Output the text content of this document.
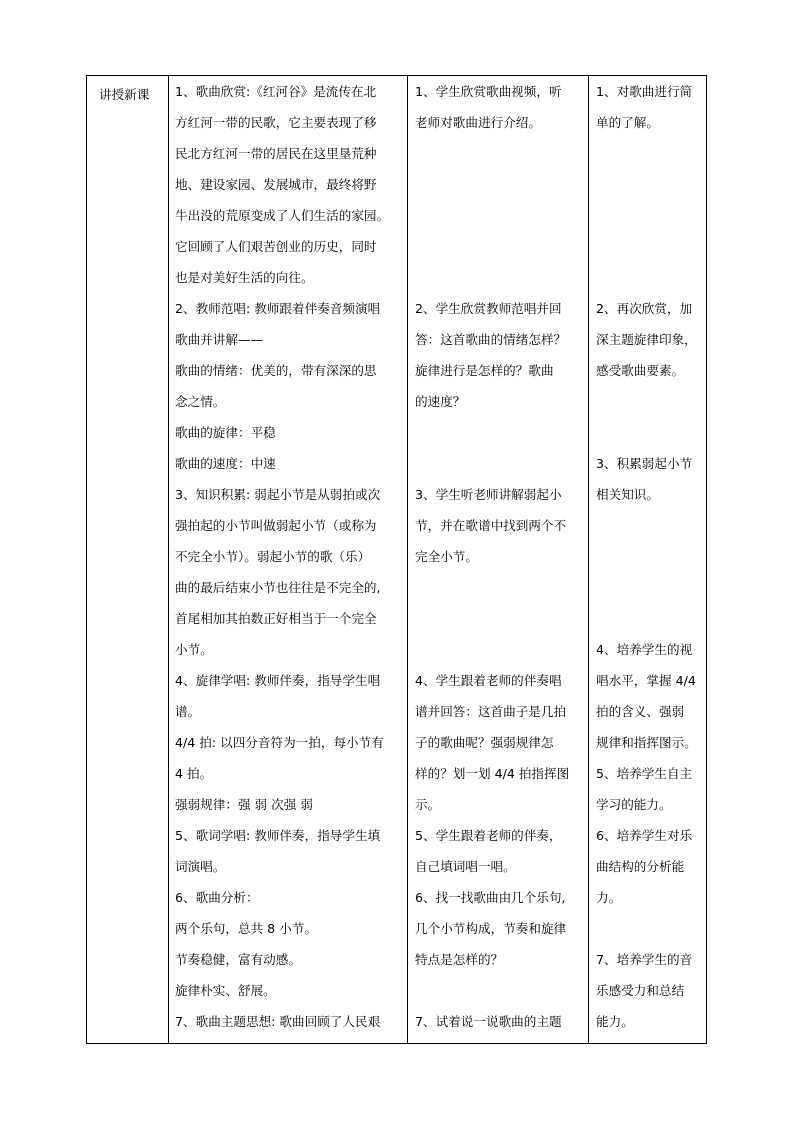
讲授新课 1、歌曲欣赏:《红河谷》是流传在北
方红河一带的民歌，它主要表现了移
民北方红河一带的居民在这里垦荒种
地、建设家园、发展城市，最终将野
牛出没的荒原变成了人们生活的家园。
它回顾了人们艰苦创业的历史，同时
也是对美好生活的向往。
2、教师范唱: 教师跟着伴奏音频演唱
歌曲并讲解——
歌曲的情绪：优美的，带有深深的思
念之情。
歌曲的旋律：平稳
歌曲的速度：中速
3、知识积累: 弱起小节是从弱拍或次
强拍起的小节叫做弱起小节（或称为
不完全小节）。弱起小节的歌（乐）
曲的最后结束小节也往往是不完全的,
首尾相加其拍数正好相当于一个完全
小节。
4、旋律学唱: 教师伴奏，指导学生唱
谱。
4/4 拍: 以四分音符为一拍，每小节有
4 拍。
强弱规律：强 弱 次强 弱
5、歌词学唱: 教师伴奏，指导学生填
词演唱。
6、歌曲分析：
两个乐句，总共 8 小节。
节奏稳健，富有动感。
旋律朴实、舒展。
7、歌曲主题思想: 歌曲回顾了人民艰
1、学生欣赏歌曲视频，听
老师对歌曲进行介绍。
2、学生欣赏教师范唱并回
答：这首歌曲的情绪怎样？
旋律进行是怎样的？歌曲
的速度？
3、学生听老师讲解弱起小
节，并在歌谱中找到两个不
完全小节。
4、学生跟着老师的伴奏唱
谱并回答：这首曲子是几拍
子的歌曲呢？强弱规律怎
样的？划一划 4/4 拍指挥图
示。
5、学生跟着老师的伴奏，
自己填词唱一唱。
6、找一找歌曲由几个乐句,
几个小节构成，节奏和旋律
特点是怎样的？
7、试着说一说歌曲的主题
1、对歌曲进行简
单的了解。
2、再次欣赏，加
深主题旋律印象，
感受歌曲要素。
3、积累弱起小节
相关知识。
4、培养学生的视
唱水平，掌握 4/4
拍的含义、强弱
规律和指挥图示。
5、培养学生自主
学习的能力。
6、培养学生对乐
曲结构的分析能
力。
7、培养学生的音
乐感受力和总结
能力。
